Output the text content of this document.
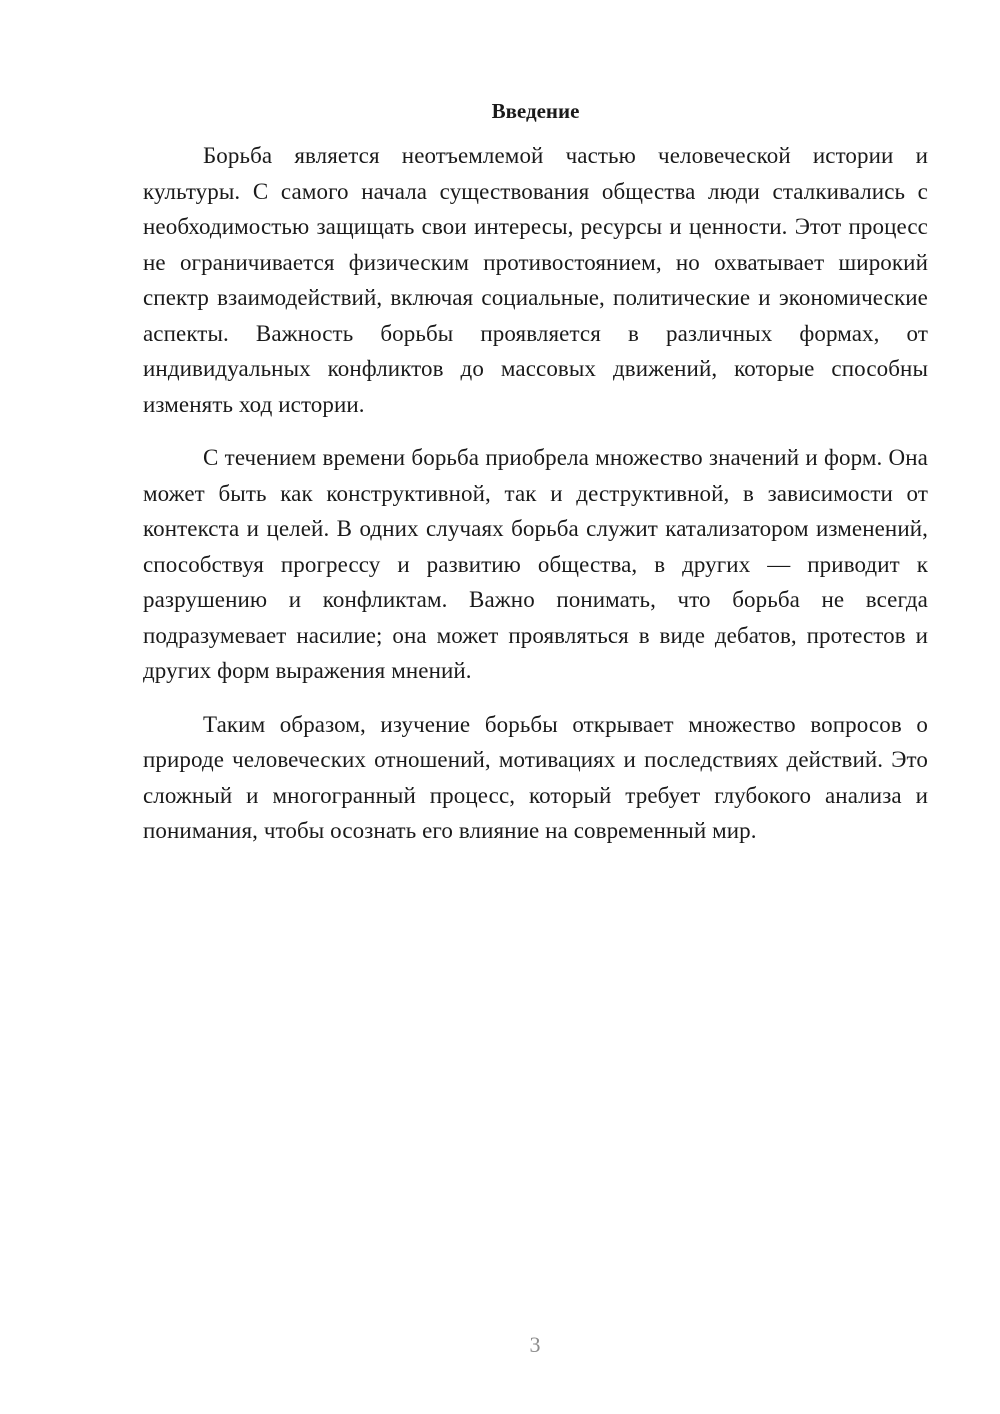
Введение

Борьба является неотъемлемой частью человеческой истории и культуры. С самого начала существования общества люди сталкивались с необходимостью защищать свои интересы, ресурсы и ценности. Этот процесс не ограничивается физическим противостоянием, но охватывает широкий спектр взаимодействий, включая социальные, политические и экономические аспекты. Важность борьбы проявляется в различных формах, от индивидуальных конфликтов до массовых движений, которые способны изменять ход истории.

С течением времени борьба приобрела множество значений и форм. Она может быть как конструктивной, так и деструктивной, в зависимости от контекста и целей. В одних случаях борьба служит катализатором изменений, способствуя прогрессу и развитию общества, в других — приводит к разрушению и конфликтам. Важно понимать, что борьба не всегда подразумевает насилие; она может проявляться в виде дебатов, протестов и других форм выражения мнений.

Таким образом, изучение борьбы открывает множество вопросов о природе человеческих отношений, мотивациях и последствиях действий. Это сложный и многогранный процесс, который требует глубокого анализа и понимания, чтобы осознать его влияние на современный мир.

3
